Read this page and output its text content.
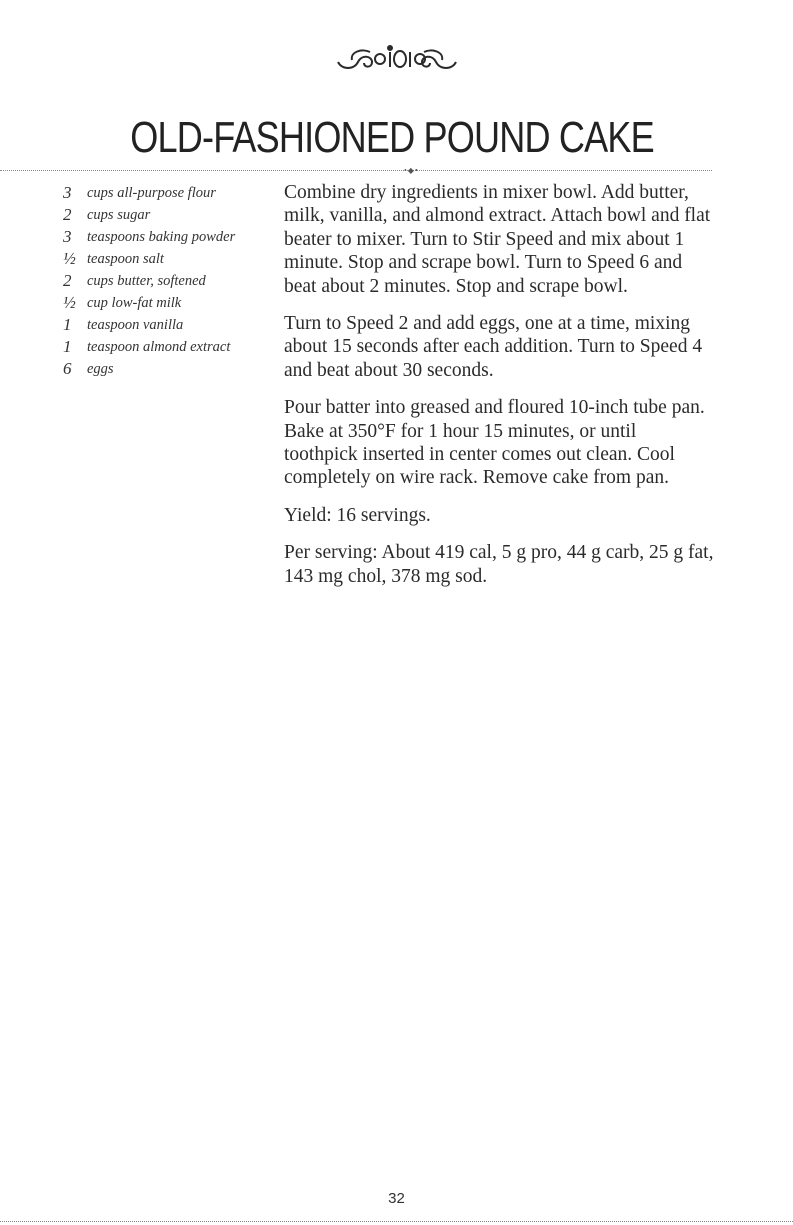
OLD-FASHIONED POUND CAKE
•◆•
3	cups all-purpose flour
2	cups sugar
3	teaspoons baking powder
½ teaspoon salt
2	cups butter, softened
½ cup low-fat milk
1	teaspoon vanilla
1	teaspoon almond extract
6	eggs

Combine dry ingredients in mixer bowl. Add butter, milk, vanilla, and almond extract. Attach bowl and flat beater to mixer. Turn to Stir Speed and mix about 1 minute. Stop and scrape bowl. Turn to Speed 6 and beat about 2 minutes. Stop and scrape bowl.

Turn to Speed 2 and add eggs, one at a time, mixing about 15 seconds after each addition. Turn to Speed 4 and beat about 30 seconds.

Pour batter into greased and floured 10-inch tube pan. Bake at 350°F for 1 hour 15 minutes, or until toothpick inserted in center comes out clean. Cool completely on wire rack. Remove cake from pan.

Yield: 16 servings.

Per serving: About 419 cal, 5 g pro, 44 g carb, 25 g fat, 143 mg chol, 378 mg sod.

32
